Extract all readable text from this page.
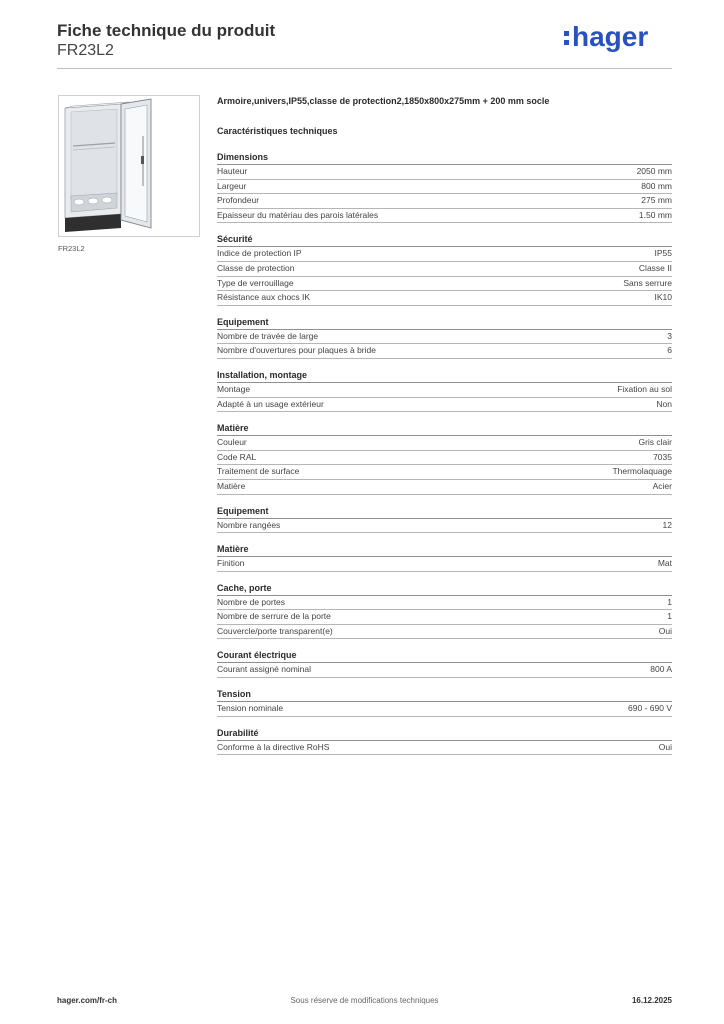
Fiche technique du produit
FR23L2	hager
FR23L2
Armoire,univers,IP55,classe de protection2,1850x800x275mm + 200 mm socle
Caractéristiques techniques
Dimensions
Hauteur	2050 mm
Largeur	800 mm
Profondeur	275 mm
Epaisseur du matériau des parois latérales	1.50 mm
Sécurité
Indice de protection IP	IP55
Classe de protection	Classe II
Type de verrouillage	Sans serrure
Résistance aux chocs IK	IK10
Equipement
Nombre de travée de large	3
Nombre d'ouvertures pour plaques à bride	6
Installation, montage
Montage	Fixation au sol
Adapté à un usage extérieur	Non
Matière
Couleur	Gris clair
Code RAL	7035
Traitement de surface	Thermolaquage
Matière	Acier
Equipement
Nombre rangées	12
Matière
Finition	Mat
Cache, porte
Nombre de portes	1
Nombre de serrure de la porte	1
Couvercle/porte transparent(e)	Oui
Courant électrique
Courant assigné nominal	800 A
Tension
Tension nominale	690 - 690 V
Durabilité
Conforme à la directive RoHS	Oui
hager.com/fr-ch	Sous réserve de modifications techniques	16.12.2025
